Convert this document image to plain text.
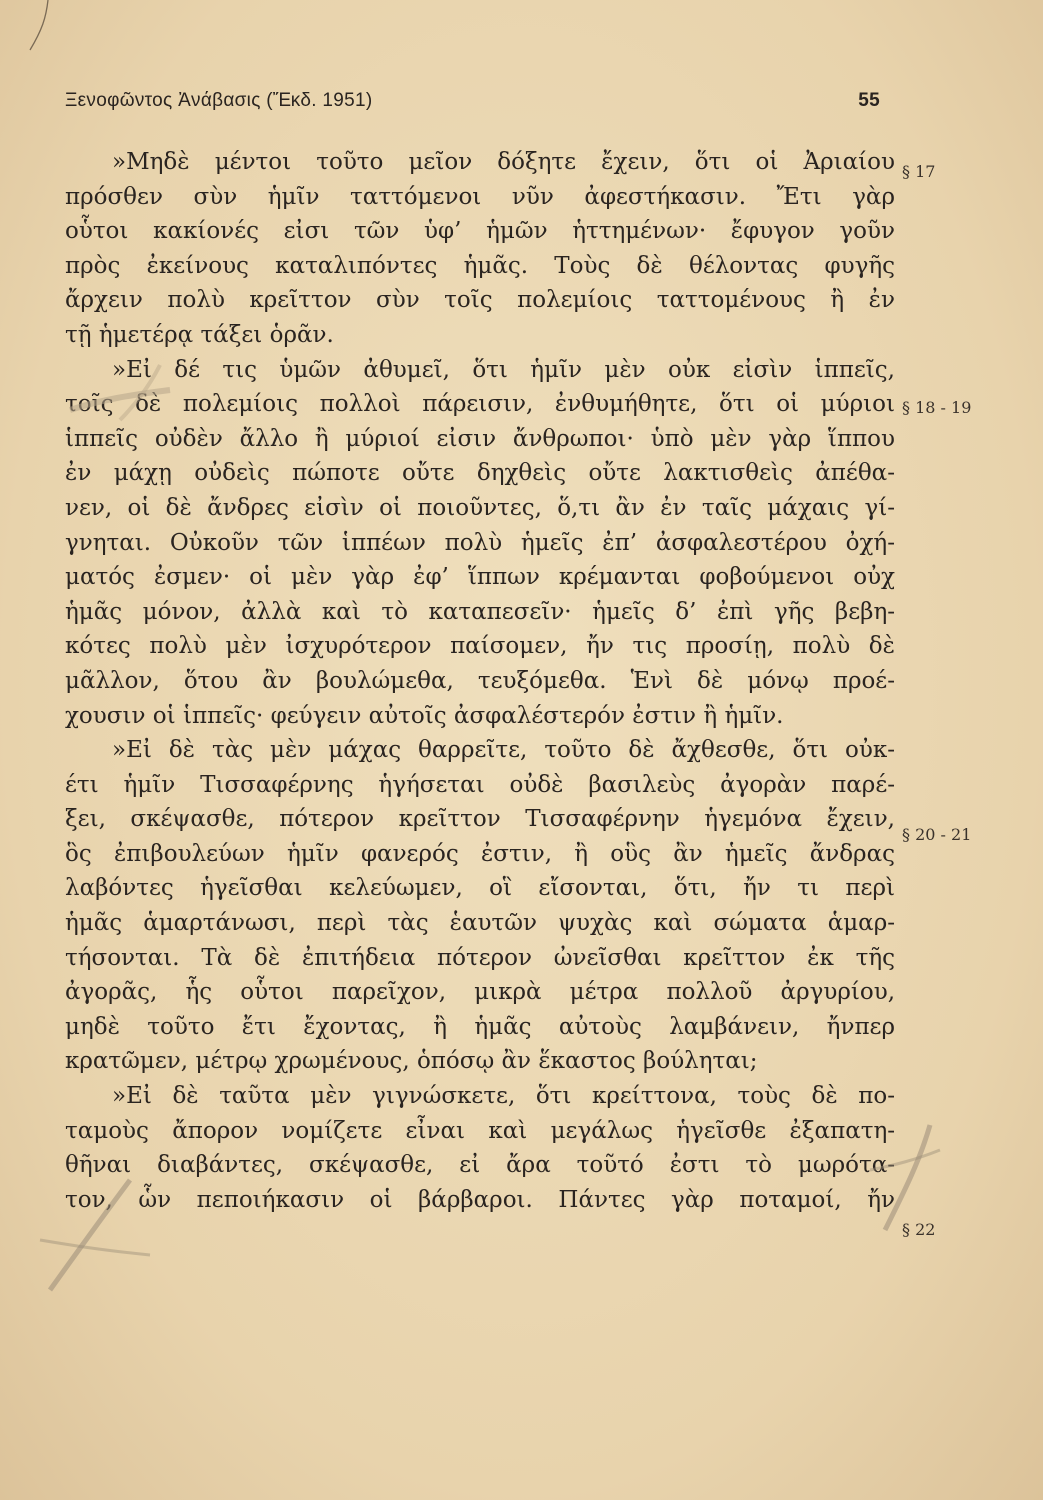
Ξενοφῶντος Ἀνάβασις (Ἔκδ. 1951)	55
»Μηδὲ μέντοι τοῦτο μεῖον δόξητε ἔχειν, ὅτι οἱ Ἀριαίου
πρόσθεν σὺν ἡμῖν ταττόμενοι νῦν ἀφεστήκασιν. Ἔτι γὰρ
οὗτοι κακίονές εἰσι τῶν ὑφ’ ἡμῶν ἡττημένων· ἔφυγον γοῦν
πρὸς ἐκείνους καταλιπόντες ἡμᾶς. Τοὺς δὲ θέλοντας φυγῆς
ἄρχειν πολὺ κρεῖττον σὺν τοῖς πολεμίοις ταττομένους ἢ ἐν
τῇ ἡμετέρᾳ τάξει ὁρᾶν.
»Εἰ δέ τις ὑμῶν ἀθυμεῖ, ὅτι ἡμῖν μὲν οὐκ εἰσὶν ἱππεῖς,
τοῖς δὲ πολεμίοις πολλοὶ πάρεισιν, ἐνθυμήθητε, ὅτι οἱ μύριοι
ἱππεῖς οὐδὲν ἄλλο ἢ μύριοί εἰσιν ἄνθρωποι· ὑπὸ μὲν γὰρ ἵππου
ἐν μάχῃ οὐδεὶς πώποτε οὔτε δηχθεὶς οὔτε λακτισθεὶς ἀπέθα-
νεν, οἱ δὲ ἄνδρες εἰσὶν οἱ ποιοῦντες, ὅ,τι ἂν ἐν ταῖς μάχαις γί-
γνηται. Οὐκοῦν τῶν ἱππέων πολὺ ἡμεῖς ἐπ’ ἀσφαλεστέρου ὀχή-
ματός ἐσμεν· οἱ μὲν γὰρ ἐφ’ ἵππων κρέμανται φοβούμενοι οὐχ
ἡμᾶς μόνον, ἀλλὰ καὶ τὸ καταπεσεῖν· ἡμεῖς δ’ ἐπὶ γῆς βεβη-
κότες πολὺ μὲν ἰσχυρότερον παίσομεν, ἤν τις προσίῃ, πολὺ δὲ
μᾶλλον, ὅτου ἂν βουλώμεθα, τευξόμεθα. Ἑνὶ δὲ μόνῳ προέ-
χουσιν οἱ ἱππεῖς· φεύγειν αὐτοῖς ἀσφαλέστερόν ἐστιν ἢ ἡμῖν.
»Εἰ δὲ τὰς μὲν μάχας θαρρεῖτε, τοῦτο δὲ ἄχθεσθε, ὅτι οὐκ-
έτι ἡμῖν Τισσαφέρνης ἡγήσεται οὐδὲ βασιλεὺς ἀγορὰν παρέ-
ξει, σκέψασθε, πότερον κρεῖττον Τισσαφέρνην ἡγεμόνα ἔχειν,
ὃς ἐπιβουλεύων ἡμῖν φανερός ἐστιν, ἢ οὓς ἂν ἡμεῖς ἄνδρας
λαβόντες ἡγεῖσθαι κελεύωμεν, οἳ εἴσονται, ὅτι, ἤν τι περὶ
ἡμᾶς ἁμαρτάνωσι, περὶ τὰς ἑαυτῶν ψυχὰς καὶ σώματα ἁμαρ-
τήσονται. Τὰ δὲ ἐπιτήδεια πότερον ὠνεῖσθαι κρεῖττον ἐκ τῆς
ἀγορᾶς, ἧς οὗτοι παρεῖχον, μικρὰ μέτρα πολλοῦ ἀργυρίου,
μηδὲ τοῦτο ἔτι ἔχοντας, ἢ ἡμᾶς αὐτοὺς λαμβάνειν, ἤνπερ
κρατῶμεν, μέτρῳ χρωμένους, ὁπόσῳ ἂν ἕκαστος βούληται;
»Εἰ δὲ ταῦτα μὲν γιγνώσκετε, ὅτι κρείττονα, τοὺς δὲ πο-
ταμοὺς ἄπορον νομίζετε εἶναι καὶ μεγάλως ἡγεῖσθε ἐξαπατη-
θῆναι διαβάντες, σκέψασθε, εἰ ἄρα τοῦτό ἐστι τὸ μωρότα-
τον, ὧν πεποιήκασιν οἱ βάρβαροι. Πάντες γὰρ ποταμοί, ἤν
§ 17
§ 18 - 19
§ 20 - 21
§ 22
